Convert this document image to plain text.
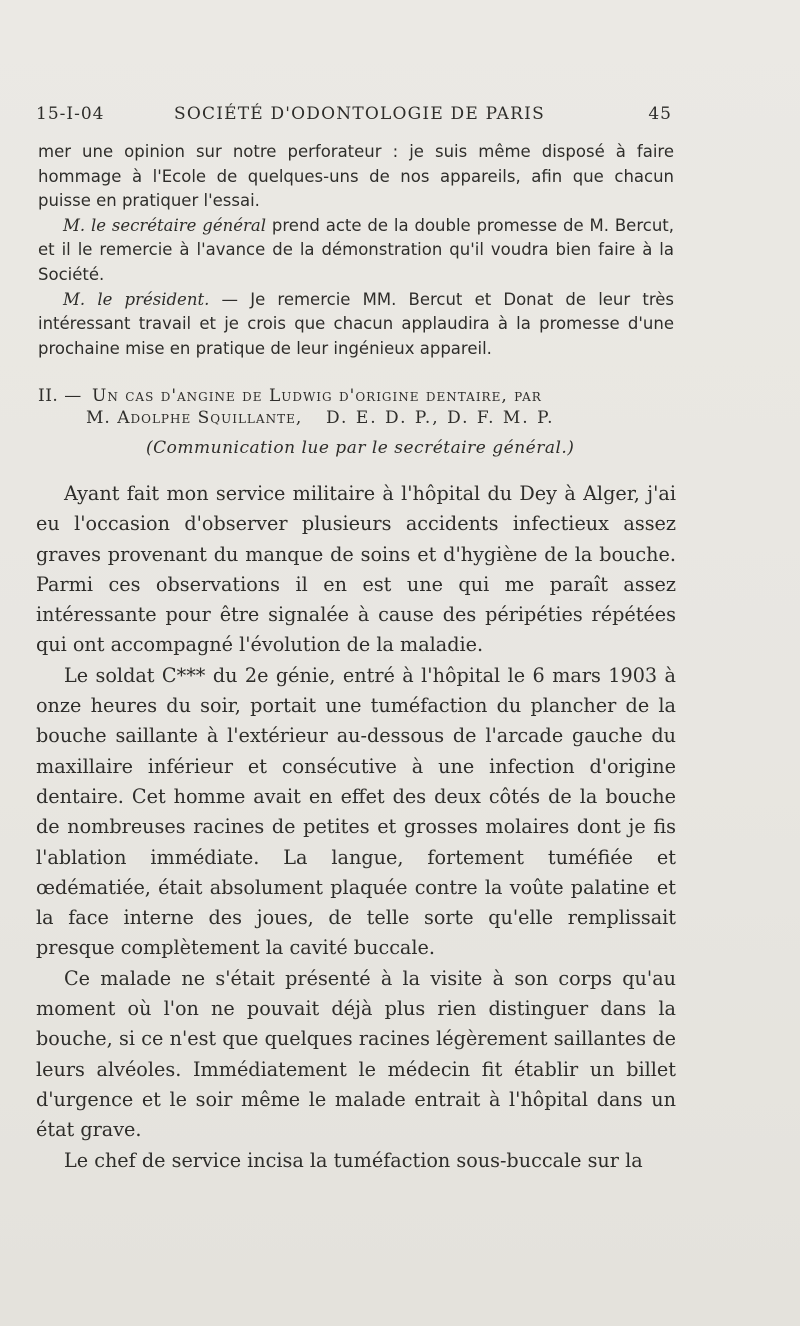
15-I-04	SOCIÉTÉ D'ODONTOLOGIE DE PARIS	45

mer une opinion sur notre perforateur : je suis même disposé à faire hommage à l'Ecole de quelques-uns de nos appareils, afin que chacun puisse en pratiquer l'essai.

M. le secrétaire général prend acte de la double promesse de M. Bercut, et il le remercie à l'avance de la démonstration qu'il voudra bien faire à la Société.

M. le président. — Je remercie MM. Bercut et Donat de leur très intéressant travail et je crois que chacun applaudira à la promesse d'une prochaine mise en pratique de leur ingénieux appareil.

II. — Un cas d'angine de Ludwig d'origine dentaire, par
M. Adolphe Squillante, D. E. D. P., D. F. M. P.
(Communication lue par le secrétaire général.)

Ayant fait mon service militaire à l'hôpital du Dey à Alger, j'ai eu l'occasion d'observer plusieurs accidents infectieux assez graves provenant du manque de soins et d'hygiène de la bouche. Parmi ces observations il en est une qui me paraît assez intéressante pour être signalée à cause des péripéties répétées qui ont accompagné l'évolution de la maladie.

Le soldat C*** du 2e génie, entré à l'hôpital le 6 mars 1903 à onze heures du soir, portait une tuméfaction du plancher de la bouche saillante à l'extérieur au-dessous de l'arcade gauche du maxillaire inférieur et consécutive à une infection d'origine dentaire. Cet homme avait en effet des deux côtés de la bouche de nombreuses racines de petites et grosses molaires dont je fis l'ablation immédiate. La langue, fortement tuméfiée et œdématiée, était absolument plaquée contre la voûte palatine et la face interne des joues, de telle sorte qu'elle remplissait presque complètement la cavité buccale.

Ce malade ne s'était présenté à la visite à son corps qu'au moment où l'on ne pouvait déjà plus rien distinguer dans la bouche, si ce n'est que quelques racines légèrement saillantes de leurs alvéoles. Immédiatement le médecin fit établir un billet d'urgence et le soir même le malade entrait à l'hôpital dans un état grave.

Le chef de service incisa la tuméfaction sous-buccale sur la
